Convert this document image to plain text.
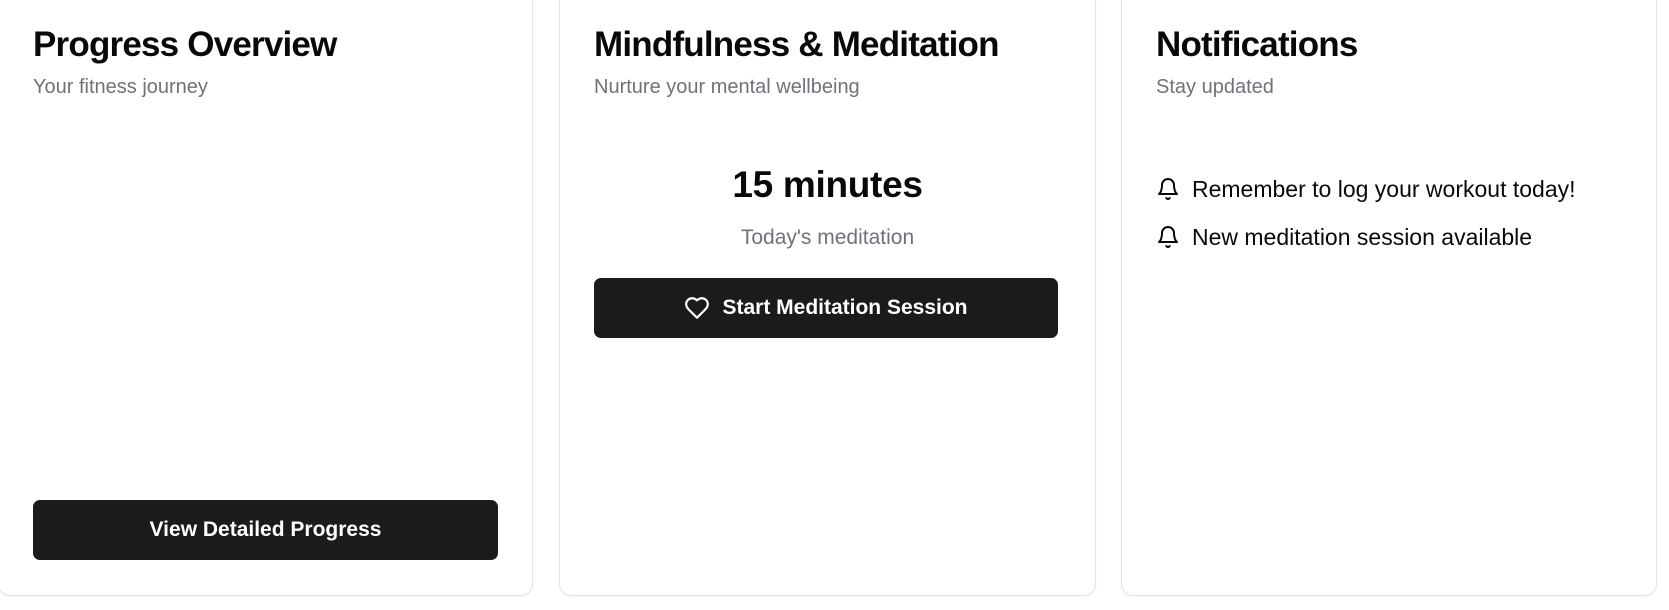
Progress Overview

Your fitness journey

View Detailed Progress
Mindfulness & Meditation

Nurture your mental wellbeing

15 minutes
Today's meditation
Start Meditation Session
Notifications

Stay updated

Remember to log your workout today!
New meditation session available
